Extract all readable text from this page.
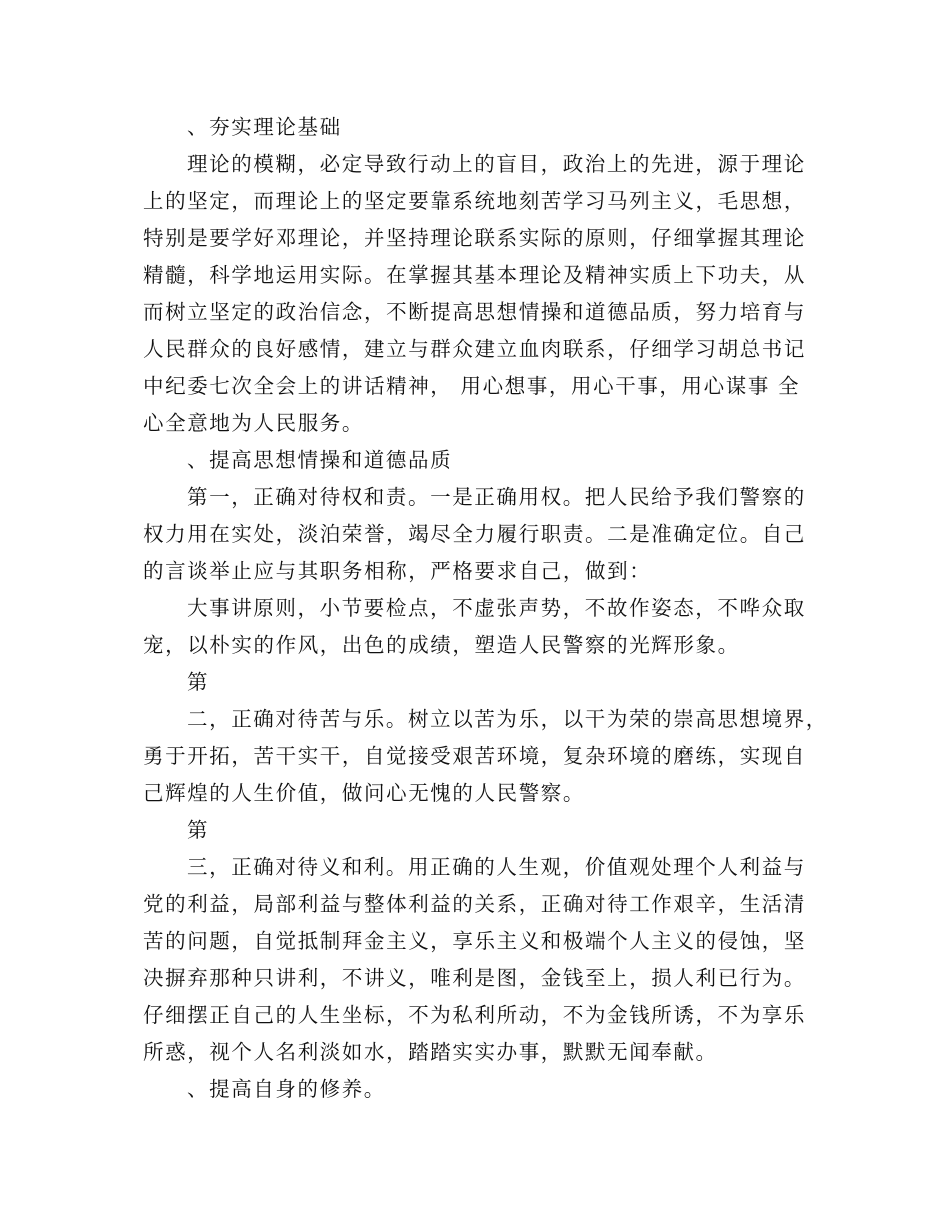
、夯实理论基础

理论的模糊，必定导致行动上的盲目，政治上的先进，源于理论

上的坚定，而理论上的坚定要靠系统地刻苦学习马列主义，毛思想，

特别是要学好邓理论，并坚持理论联系实际的原则，仔细掌握其理论

精髓，科学地运用实际。在掌握其基本理论及精神实质上下功夫，从

而树立坚定的政治信念，不断提高思想情操和道德品质，努力培育与

人民群众的良好感情，建立与群众建立血肉联系，仔细学习胡总书记

中纪委七次全会上的讲话精神， 用心想事，用心干事，用心谋事 全

心全意地为人民服务。

、提高思想情操和道德品质

第一，正确对待权和责。一是正确用权。把人民给予我们警察的

权力用在实处，淡泊荣誉，竭尽全力履行职责。二是准确定位。自己

的言谈举止应与其职务相称，严格要求自己，做到：

大事讲原则，小节要检点，不虚张声势，不故作姿态，不哗众取

宠，以朴实的作风，出色的成绩，塑造人民警察的光辉形象。

第

二，正确对待苦与乐。树立以苦为乐，以干为荣的崇高思想境界，

勇于开拓，苦干实干，自觉接受艰苦环境，复杂环境的磨练，实现自

己辉煌的人生价值，做问心无愧的人民警察。

第

三，正确对待义和利。用正确的人生观，价值观处理个人利益与

党的利益，局部利益与整体利益的关系，正确对待工作艰辛，生活清

苦的问题，自觉抵制拜金主义，享乐主义和极端个人主义的侵蚀，坚

决摒弃那种只讲利，不讲义，唯利是图，金钱至上，损人利已行为。

仔细摆正自己的人生坐标，不为私利所动，不为金钱所诱，不为享乐

所惑，视个人名利淡如水，踏踏实实办事，默默无闻奉献。

、提高自身的修养。
